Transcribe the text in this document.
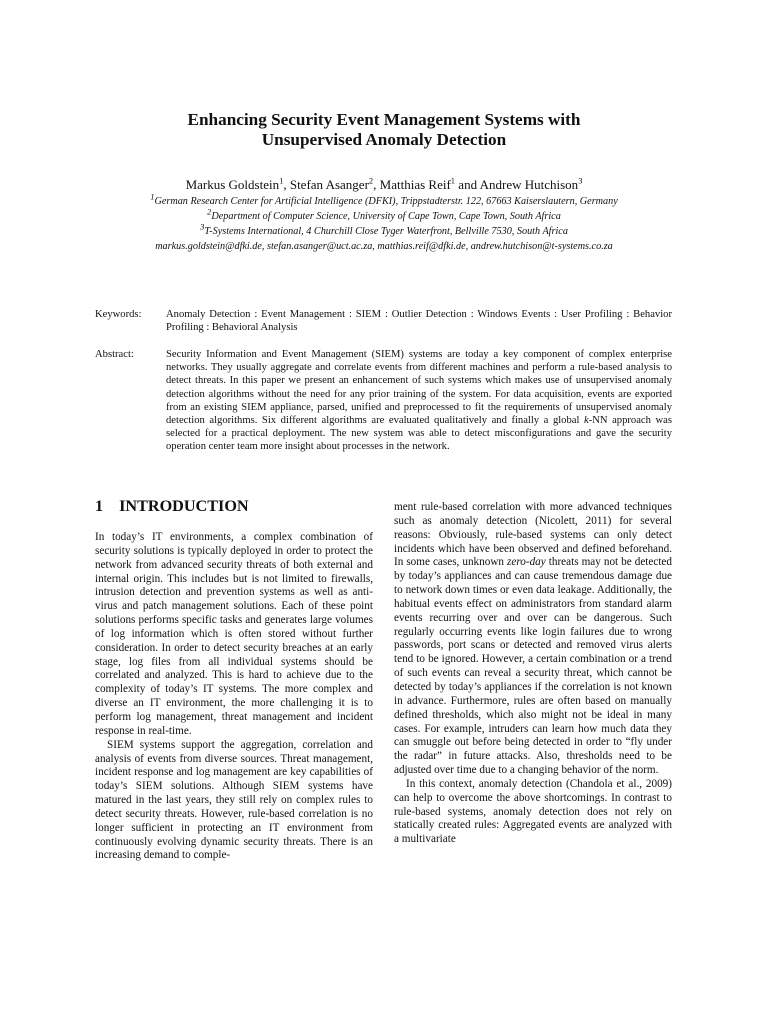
Enhancing Security Event Management Systems with
Unsupervised Anomaly Detection
Markus Goldstein$^1$, Stefan Asanger$^2$, Matthias Reif$^1$ and Andrew Hutchison$^3$
$^1$German Research Center for Artificial Intelligence (DFKI), Trippstadterstr. 122, 67663 Kaiserslautern, Germany
$^2$Department of Computer Science, University of Cape Town, Cape Town, South Africa
$^3$T-Systems International, 4 Churchill Close Tyger Waterfront, Bellville 7530, South Africa
markus.goldstein@dfki.de, stefan.asanger@uct.ac.za, matthias.reif@dfki.de, andrew.hutchison@t-systems.co.za
Keywords:	Anomaly Detection : Event Management : SIEM : Outlier Detection : Windows Events : User Profiling : Behavior Profiling : Behavioral Analysis
Abstract:	Security Information and Event Management (SIEM) systems are today a key component of complex enterprise networks. They usually aggregate and correlate events from different machines and perform a rule-based analysis to detect threats. In this paper we present an enhancement of such systems which makes use of unsupervised anomaly detection algorithms without the need for any prior training of the system. For data acquisition, events are exported from an existing SIEM appliance, parsed, unified and preprocessed to fit the requirements of unsupervised anomaly detection algorithms. Six different algorithms are evaluated qualitatively and finally a global k-NN approach was selected for a practical deployment. The new system was able to detect misconfigurations and gave the security operation center team more insight about processes in the network.
1 INTRODUCTION

In today’s IT environments, a complex combination of security solutions is typically deployed in order to protect the network from advanced security threats of both external and internal origin. This includes but is not limited to firewalls, intrusion detection and prevention systems as well as anti-virus and patch management solutions. Each of these point solutions performs specific tasks and generates large volumes of log information which is often stored without further consideration. In order to detect security breaches at an early stage, log files from all individual systems should be correlated and analyzed. This is hard to achieve due to the complexity of today’s IT systems. The more complex and diverse an IT environment, the more challenging it is to perform log management, threat management and incident response in real-time.

SIEM systems support the aggregation, correlation and analysis of events from diverse sources. Threat management, incident response and log management are key capabilities of today’s SIEM solutions. Although SIEM systems have matured in the last years, they still rely on complex rules to detect security threats. However, rule-based correlation is no longer sufficient in protecting an IT environment from continuously evolving dynamic security threats. There is an increasing demand to comple-

ment rule-based correlation with more advanced techniques such as anomaly detection (Nicolett, 2011) for several reasons: Obviously, rule-based systems can only detect incidents which have been observed and defined beforehand. In some cases, unknown zero-day threats may not be detected by today’s appliances and can cause tremendous damage due to network down times or even data leakage. Additionally, the habitual events effect on administrators from standard alarm events recurring over and over can be dangerous. Such regularly occurring events like login failures due to wrong passwords, port scans or detected and removed virus alerts tend to be ignored. However, a certain combination or a trend of such events can reveal a security threat, which cannot be detected by today’s appliances if the correlation is not known in advance. Furthermore, rules are often based on manually defined thresholds, which also might not be ideal in many cases. For example, intruders can learn how much data they can smuggle out before being detected in order to “fly under the radar” in future attacks. Also, thresholds need to be adjusted over time due to a changing behavior of the norm.

In this context, anomaly detection (Chandola et al., 2009) can help to overcome the above shortcomings. In contrast to rule-based systems, anomaly detection does not rely on statically created rules: Aggregated events are analyzed with a multivariate
